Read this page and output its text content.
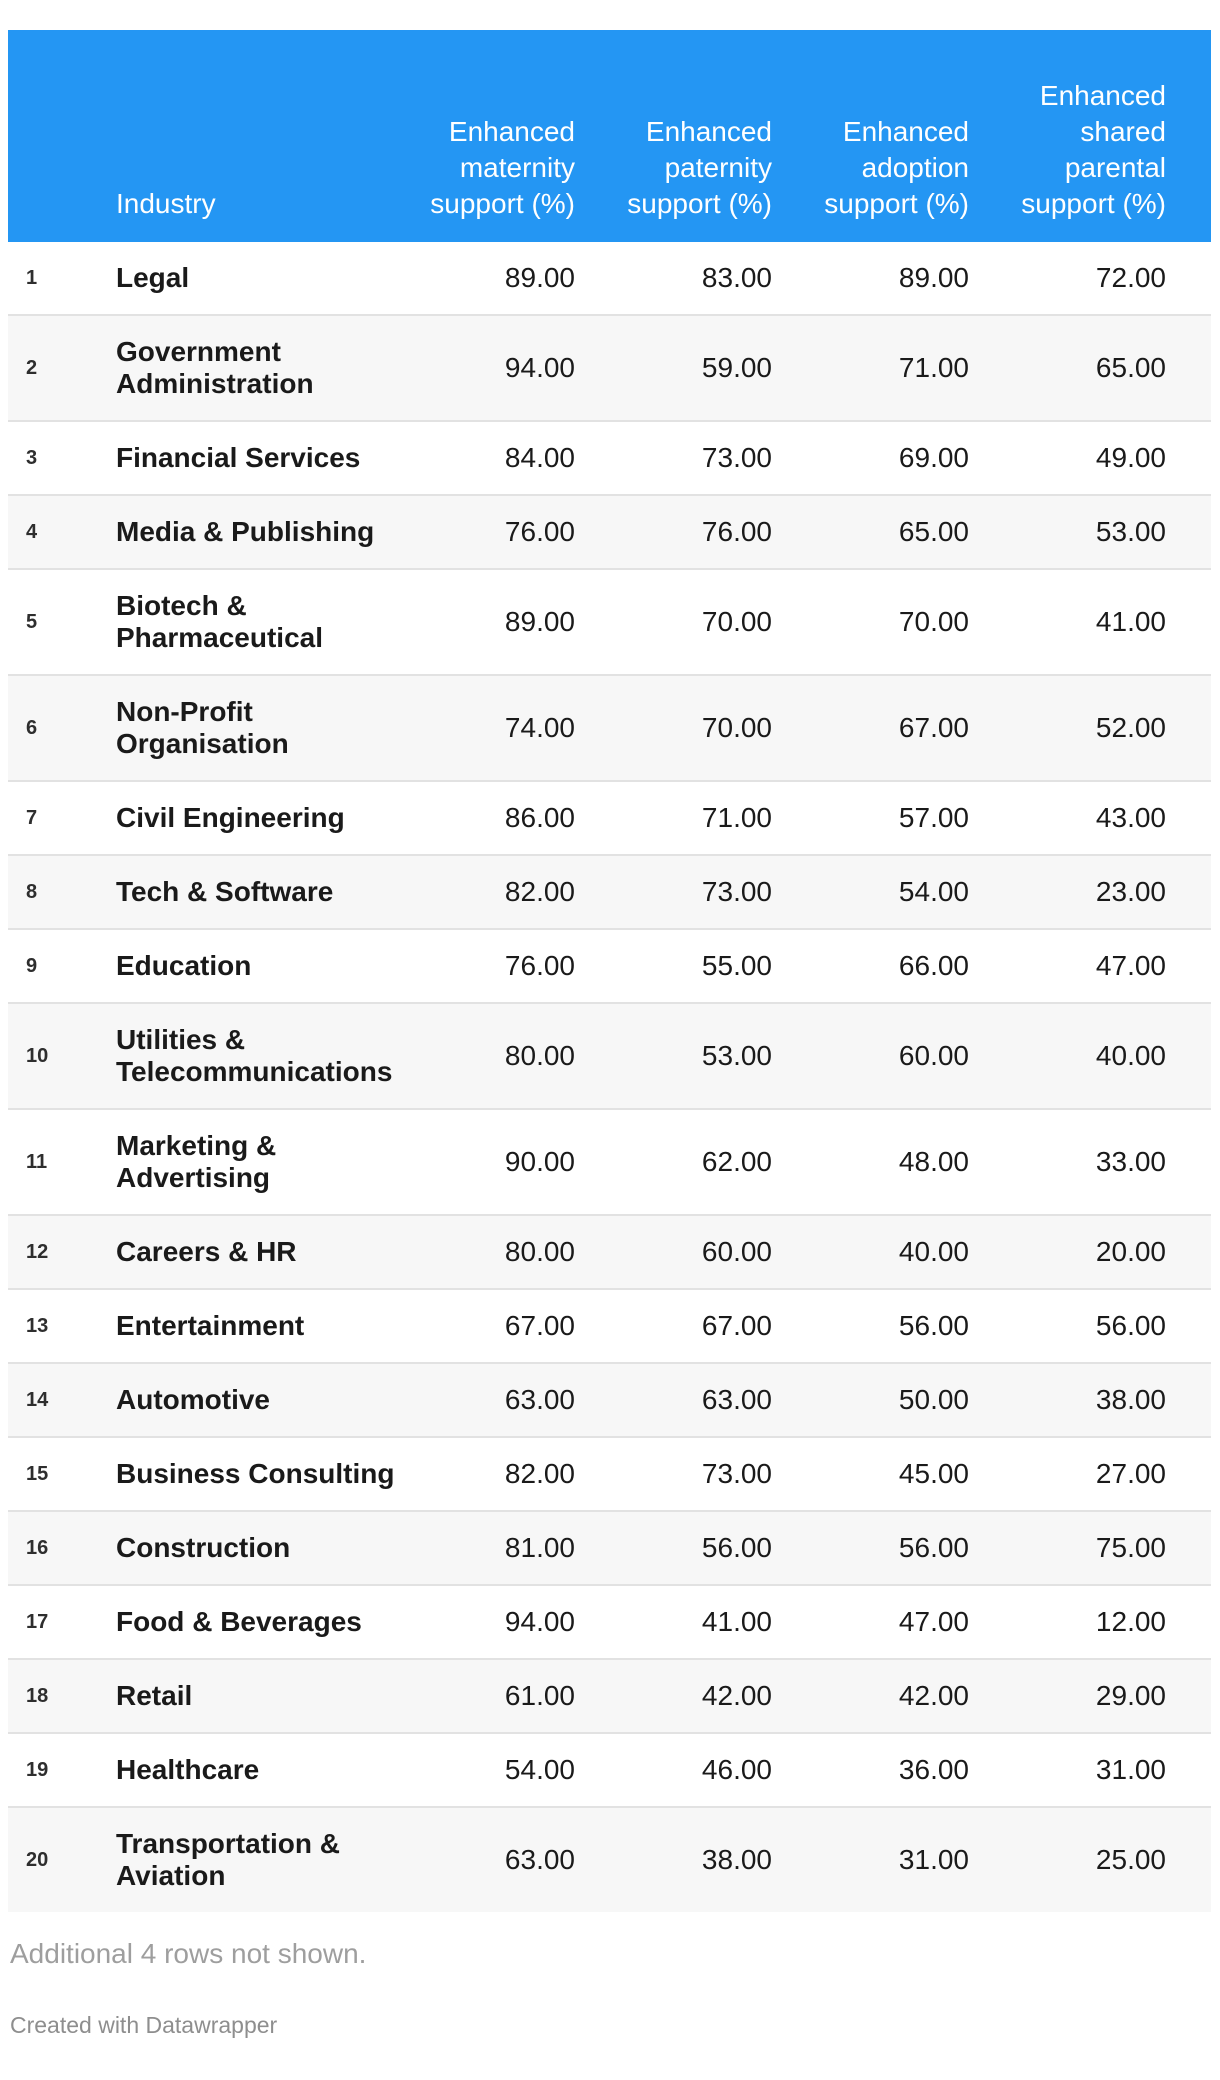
	Industry	Enhanced maternity support (%)	Enhanced paternity support (%)	Enhanced adoption support (%)	Enhanced shared parental support (%)
1	Legal	89.00	83.00	89.00	72.00
2	Government Administration	94.00	59.00	71.00	65.00
3	Financial Services	84.00	73.00	69.00	49.00
4	Media & Publishing	76.00	76.00	65.00	53.00
5	Biotech & Pharmaceutical	89.00	70.00	70.00	41.00
6	Non-Profit Organisation	74.00	70.00	67.00	52.00
7	Civil Engineering	86.00	71.00	57.00	43.00
8	Tech & Software	82.00	73.00	54.00	23.00
9	Education	76.00	55.00	66.00	47.00
10	Utilities & Telecommunications	80.00	53.00	60.00	40.00
11	Marketing & Advertising	90.00	62.00	48.00	33.00
12	Careers & HR	80.00	60.00	40.00	20.00
13	Entertainment	67.00	67.00	56.00	56.00
14	Automotive	63.00	63.00	50.00	38.00
15	Business Consulting	82.00	73.00	45.00	27.00
16	Construction	81.00	56.00	56.00	75.00
17	Food & Beverages	94.00	41.00	47.00	12.00
18	Retail	61.00	42.00	42.00	29.00
19	Healthcare	54.00	46.00	36.00	31.00
20	Transportation & Aviation	63.00	38.00	31.00	25.00
Additional 4 rows not shown.
Created with Datawrapper
